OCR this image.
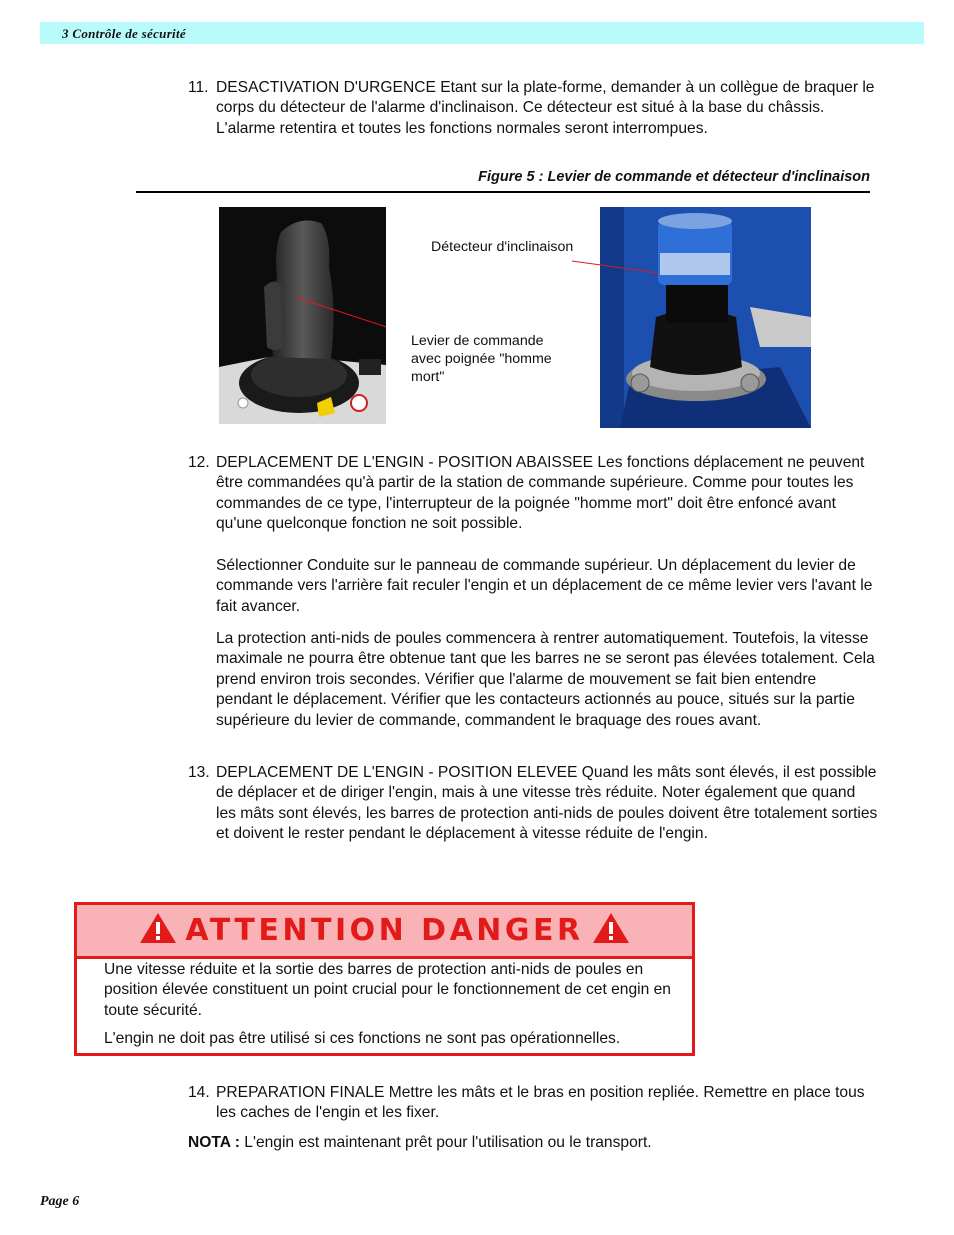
3 Contrôle de sécurité
11. DESACTIVATION D'URGENCE Etant sur la plate-forme, demander à un collègue de braquer le corps du détecteur de l'alarme d'inclinaison. Ce détecteur est situé à la base du châssis. L'alarme retentira et toutes les fonctions normales seront interrompues.
Figure 5 : Levier de commande et détecteur d'inclinaison
Détecteur d'inclinaison
Levier de commande
avec poignée "homme
mort"
12. DEPLACEMENT DE L'ENGIN - POSITION ABAISSEE Les fonctions déplacement ne peuvent être commandées qu'à partir de la station de commande supérieure. Comme pour toutes les commandes de ce type, l'interrupteur de la poignée "homme mort" doit être enfoncé avant qu'une quelconque fonction ne soit possible.
Sélectionner Conduite sur le panneau de commande supérieur. Un déplacement du levier de commande vers l'arrière fait reculer l'engin et un déplacement de ce même levier vers l'avant le fait avancer.
La protection anti-nids de poules commencera à rentrer automatiquement. Toutefois, la vitesse maximale ne pourra être obtenue tant que les barres ne se seront pas élevées totalement. Cela prend environ trois secondes. Vérifier que l'alarme de mouvement se fait bien entendre pendant le déplacement. Vérifier que les contacteurs actionnés au pouce, situés sur la partie supérieure du levier de commande, commandent le braquage des roues avant.
13. DEPLACEMENT DE L'ENGIN - POSITION ELEVEE Quand les mâts sont élevés, il est possible de déplacer et de diriger l'engin, mais à une vitesse très réduite. Noter également que quand les mâts sont élevés, les barres de protection anti-nids de poules doivent être totalement sorties et doivent le rester pendant le déplacement à vitesse réduite de l'engin.
ATTENTION DANGER
Une vitesse réduite et la sortie des barres de protection anti-nids de poules en position élevée constituent un point crucial pour le fonctionnement de cet engin en toute sécurité.
L'engin ne doit pas être utilisé si ces fonctions ne sont pas opérationnelles.
14. PREPARATION FINALE Mettre les mâts et le bras en position repliée. Remettre en place tous les caches de l'engin et les fixer.
NOTA : L'engin est maintenant prêt pour l'utilisation ou le transport.
Page 6
